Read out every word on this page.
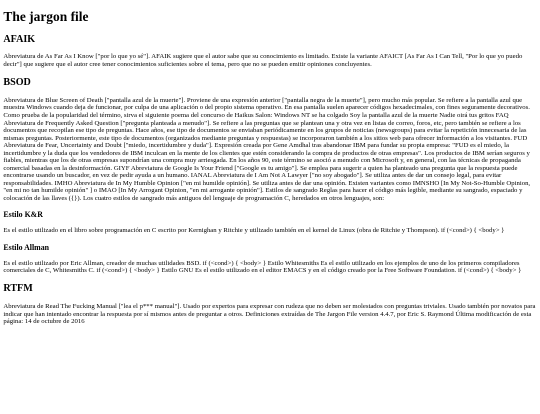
The jargon file
AFAIK

Abreviatura de As Far As I Know ["por lo que yo sé"]. AFAIK sugiere que el autor sabe que su conocimiento es limitado. Existe la variante AFAICT [As Far As I Can Tell, "Por lo que yo puedo decir"] que sugiere que el autor cree tener conocimientos suficientes sobre el tema, pero que no se pueden emitir opiniones concluyentes.

BSOD

Abreviatura de Blue Screen of Death ["pantalla azul de la muerte"]. Proviene de una expresión anterior ["pantalla negra de la muerte"], pero mucho más popular. Se refiere a la pantalla azul que muestra Windows cuando deja de funcionar, por culpa de una aplicación o del propio sistema operativo. En esa pantalla suelen aparecer códigos hexadecimales, con fines seguramente decorativos. Como prueba de la popularidad del término, sirva el siguiente poema del concurso de Haikus Salon: Windows NT se ha colgado Soy la pantalla azul de la muerte Nadie oirá tus gritos FAQ Abreviatura de Frequently Asked Question ["pregunta planteada a menudo"]. Se refiere a las preguntas que se plantean una y otra vez en listas de correo, foros, etc, pero también se refiere a los documentos que recopilan ese tipo de preguntas. Hace años, ese tipo de documentos se enviaban periódicamente en los grupos de noticias (newsgroups) para evitar la repetición innecesaria de las mismas preguntas. Posteriormente, este tipo de documentos (organizados mediante preguntas y respuestas) se incorporaron también a los sitios web para ofrecer información a los visitantes. FUD Abreviatura de Fear, Uncertainty and Doubt ["miedo, incertidumbre y duda"]. Expresión creada por Gene Amdhal tras abandonar IBM para fundar su propia empresa: "FUD es el miedo, la incertidumbre y la duda que los vendedores de IBM inculcan en la mente de los clientes que estén considerando la compra de productos de otras empresas". Los productos de IBM serían seguros y fiables, mientras que los de otras empresas supondrían una compra muy arriesgada. En los años 90, este término se asoció a menudo con Microsoft y, en general, con las técnicas de propaganda comercial basadas en la desinformación. GIYF Abreviatura de Google Is Your Friend ["Google es tu amigo"]. Se emplea para sugerir a quien ha planteado una pregunta que la respuesta puede encontrarse usando un buscador, en vez de pedir ayuda a un humano. IANAL Abreviatura de I Am Not A Lawyer ["no soy abogado"]. Se utiliza antes de dar un consejo legal, para evitar responsabilidades. IMHO Abreviatura de In My Humble Opinion ["en mi humilde opinión]. Se utiliza antes de dar una opinión. Existen variantes como IMNSHO [In My Not-So-Humble Opinion, "en mi no tan humilde opinión" ] o IMAO [In My Arrogant Opinion, "en mi arrogante opinión"]. Estilos de sangrado Reglas para hacer el código más legible, mediante su sangrado, espaciado y colocación de las llaves ({}). Los cuatro estilos de sangrado más antiguos del lenguaje de programación C, heredados en otros lenguajes, son:

Estilo K&R

Es el estilo utilizado en el libro sobre programación en C escrito por Kernighan y Ritchie y utilizado también en el kernel de Linux (obra de Ritchie y Thompson). if (<cond>) { <body> }

Estilo Allman

Es el estilo utilizado por Eric Allman, creador de muchas utilidades BSD. if (<cond>) { <body> } Estilo Whitesmiths Es el estilo utilizado en los ejemplos de uno de los primeros compiladores comerciales de C, Whitesmiths C. if (<cond>) { <body> } Estilo GNU Es el estilo utilizado en el editor EMACS y en el código creado por la Free Software Foundation. if (<cond>) { <body> }

RTFM

Abreviatura de Read The Fucking Manual ["lea el p*** manual"]. Usado por expertos para expresar con rudeza que no deben ser molestados con preguntas triviales. Usado también por novatos para indicar que han intentado encontrar la respuesta por sí mismos antes de preguntar a otros. Definiciones extraídas de The Jargon File version 4.4.7, por Eric S. Raymond Última modificación de esta página: 14 de octubre de 2016
